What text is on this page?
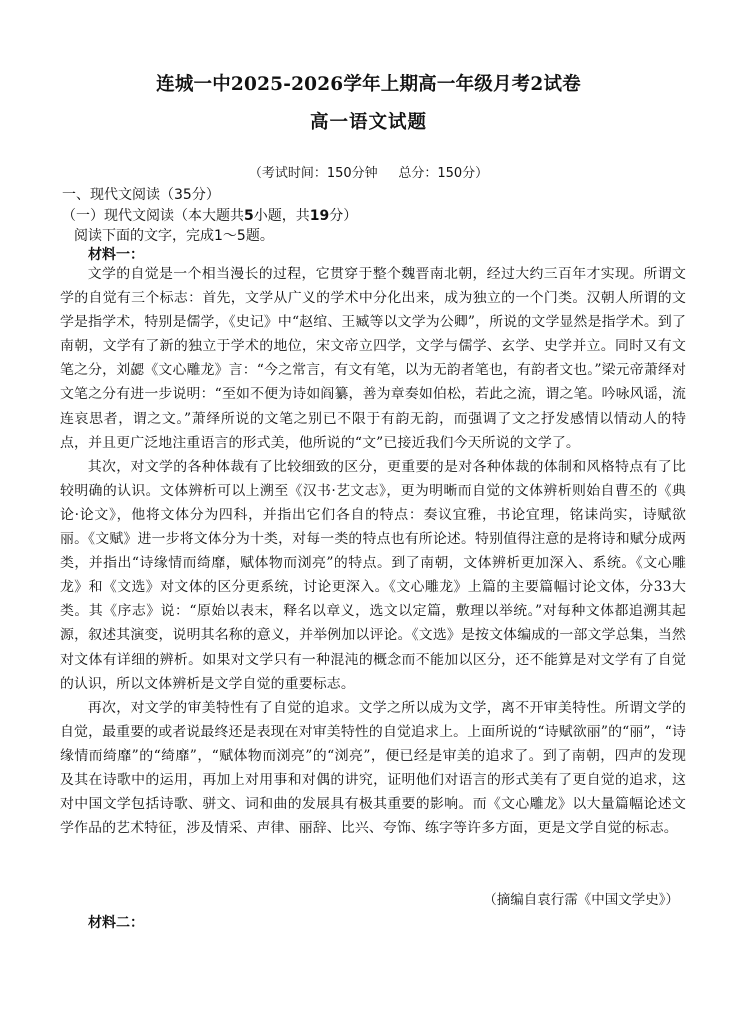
连城一中2025-2026学年上期高一年级月考2试卷
高一语文试题
（考试时间：150分钟     总分：150分）
一、现代文阅读（35分）
（一）现代文阅读（本大题共5小题，共19分）
阅读下面的文字，完成1～5题。
材料一：

文学的自觉是一个相当漫长的过程，它贯穿于整个魏晋南北朝，经过大约三百年才实现。所谓文学的自觉有三个标志：首先，文学从广义的学术中分化出来，成为独立的一个门类。汉朝人所谓的文学是指学术，特别是儒学，《史记》中“赵绾、王臧等以文学为公卿”，所说的文学显然是指学术。到了南朝，文学有了新的独立于学术的地位，宋文帝立四学，文学与儒学、玄学、史学并立。同时又有文笔之分，刘勰《文心雕龙》言：“今之常言，有文有笔，以为无韵者笔也，有韵者文也。”梁元帝萧绎对文笔之分有进一步说明：“至如不便为诗如阎纂，善为章奏如伯松，若此之流，谓之笔。吟咏风谣，流连哀思者，谓之文。”萧绎所说的文笔之别已不限于有韵无韵，而强调了文之抒发感情以情动人的特点，并且更广泛地注重语言的形式美，他所说的“文”已接近我们今天所说的文学了。

其次，对文学的各种体裁有了比较细致的区分，更重要的是对各种体裁的体制和风格特点有了比较明确的认识。文体辨析可以上溯至《汉书·艺文志》，更为明晰而自觉的文体辨析则始自曹丕的《典论·论文》，他将文体分为四科，并指出它们各自的特点：奏议宜雅，书论宜理，铭诔尚实，诗赋欲丽。《文赋》进一步将文体分为十类，对每一类的特点也有所论述。特别值得注意的是将诗和赋分成两类，并指出“诗缘情而绮靡，赋体物而浏亮”的特点。到了南朝，文体辨析更加深入、系统。《文心雕龙》和《文选》对文体的区分更系统，讨论更深入。《文心雕龙》上篇的主要篇幅讨论文体，分33大类。其《序志》说：“原始以表末，释名以章义，选文以定篇，敷理以举统。”对每种文体都追溯其起源，叙述其演变，说明其名称的意义，并举例加以评论。《文选》是按文体编成的一部文学总集，当然对文体有详细的辨析。如果对文学只有一种混沌的概念而不能加以区分，还不能算是对文学有了自觉的认识，所以文体辨析是文学自觉的重要标志。

再次，对文学的审美特性有了自觉的追求。文学之所以成为文学，离不开审美特性。所谓文学的自觉，最重要的或者说最终还是表现在对审美特性的自觉追求上。上面所说的“诗赋欲丽”的“丽”，“诗缘情而绮靡”的“绮靡”，“赋体物而浏亮”的“浏亮”，便已经是审美的追求了。到了南朝，四声的发现及其在诗歌中的运用，再加上对用事和对偶的讲究，证明他们对语言的形式美有了更自觉的追求，这对中国文学包括诗歌、骈文、词和曲的发展具有极其重要的影响。而《文心雕龙》以大量篇幅论述文学作品的艺术特征，涉及情采、声律、丽辞、比兴、夸饰、练字等许多方面，更是文学自觉的标志。

（摘编自袁行霈《中国文学史》）
材料二：
